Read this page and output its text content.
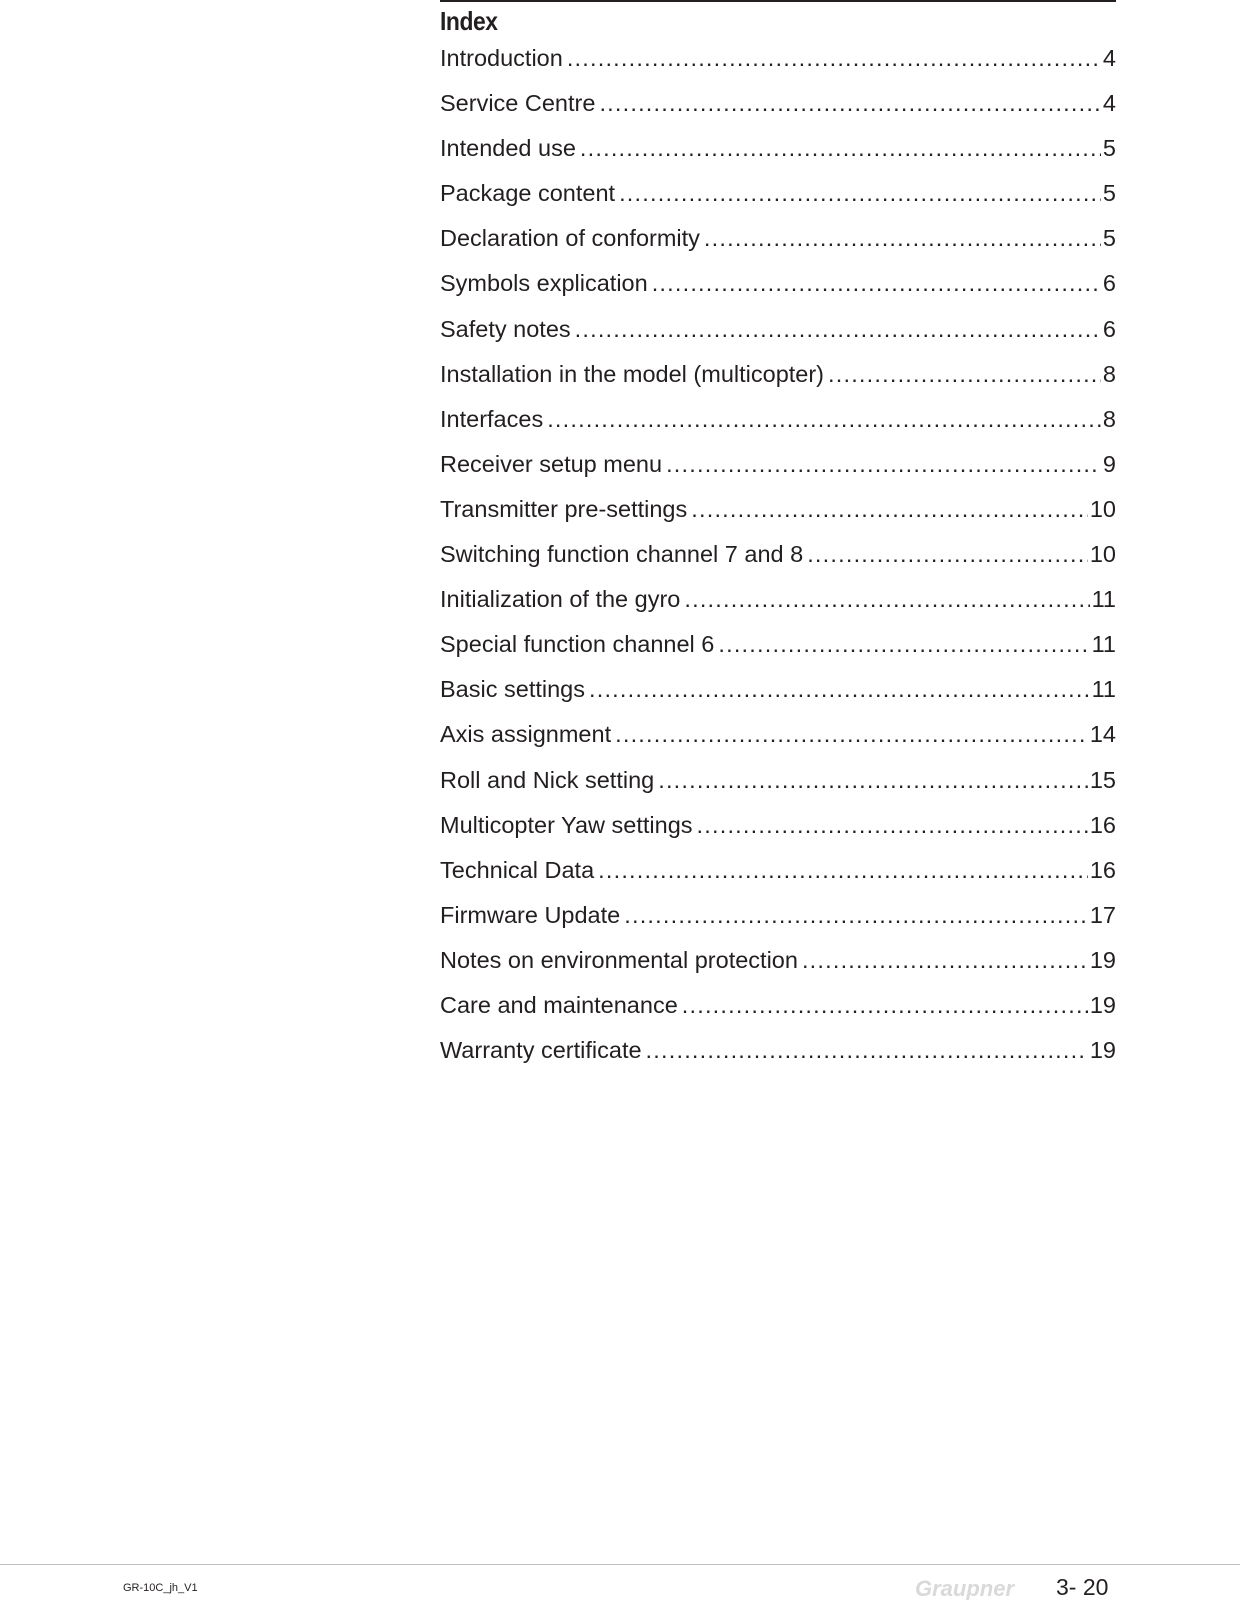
Index
Introduction .....	4
Service Centre .....	4
Intended use .....	5
Package content .....	5
Declaration of conformity .....	5
Symbols explication .....	6
Safety notes .....	6
Installation in the model (multicopter) .....	8
Interfaces .....	8
Receiver setup menu .....	9
Transmitter pre-settings .....	10
Switching function channel 7 and 8 .....	10
Initialization of the gyro .....	11
Special function channel 6 .....	11
Basic settings .....	11
Axis assignment .....	14
Roll and Nick setting .....	15
Multicopter Yaw settings .....	16
Technical Data .....	16
Firmware Update .....	17
Notes on environmental protection .....	19
Care and maintenance .....	19
Warranty certificate .....	19
GR-10C_jh_V1	Graupner 3- 20
